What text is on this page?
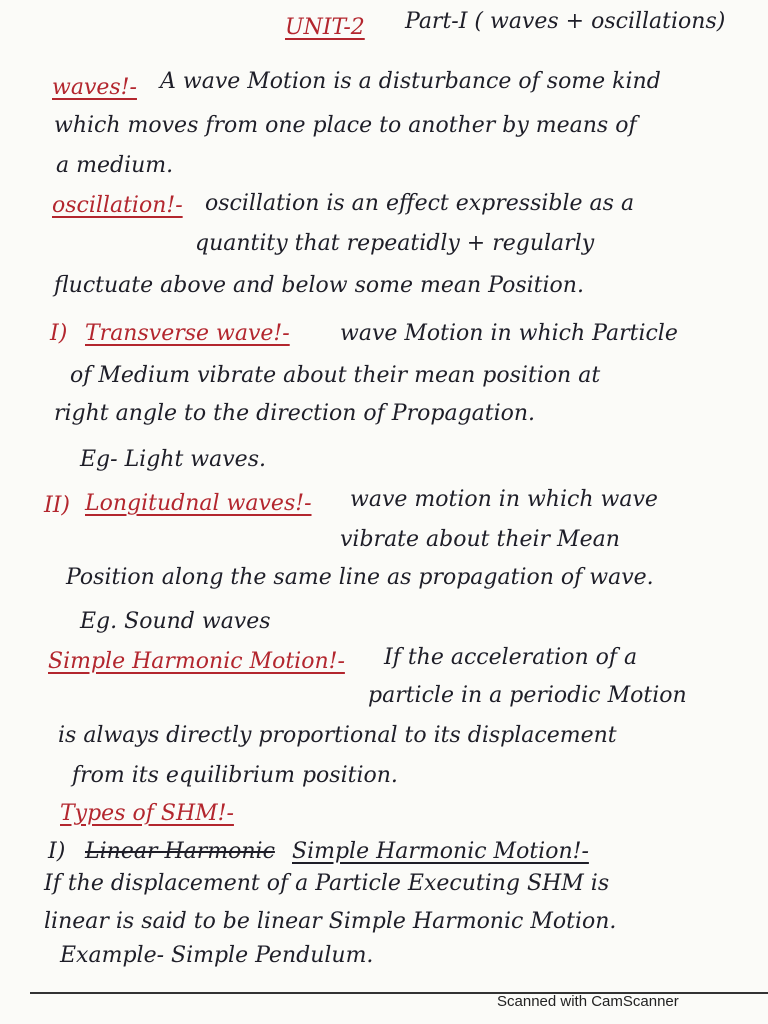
UNIT-2 Part-I ( waves + oscillations)
waves!- A wave Motion is a disturbance of some kind
which moves from one place to another by means of
a medium.
oscillation!- oscillation is an effect expressible as a
quantity that repeatidly + regularly
fluctuate above and below some mean Position.
I) Transverse wave!- wave Motion in which Particle
of Medium vibrate about their mean position at
right angle to the direction of Propagation.
Eg- Light waves.
II) Longitudnal waves!- wave motion in which wave
vibrate about their Mean
Position along the same line as propagation of wave.
Eg. Sound waves
Simple Harmonic Motion!- If the acceleration of a
particle in a periodic Motion
is always directly proportional to its displacement
from its equilibrium position.
Types of SHM!-
I) Linear Harmonic Simple Harmonic Motion!-
If the displacement of a Particle Executing SHM is
linear is said to be linear Simple Harmonic Motion.
Example- Simple Pendulum.
Scanned with CamScanner
